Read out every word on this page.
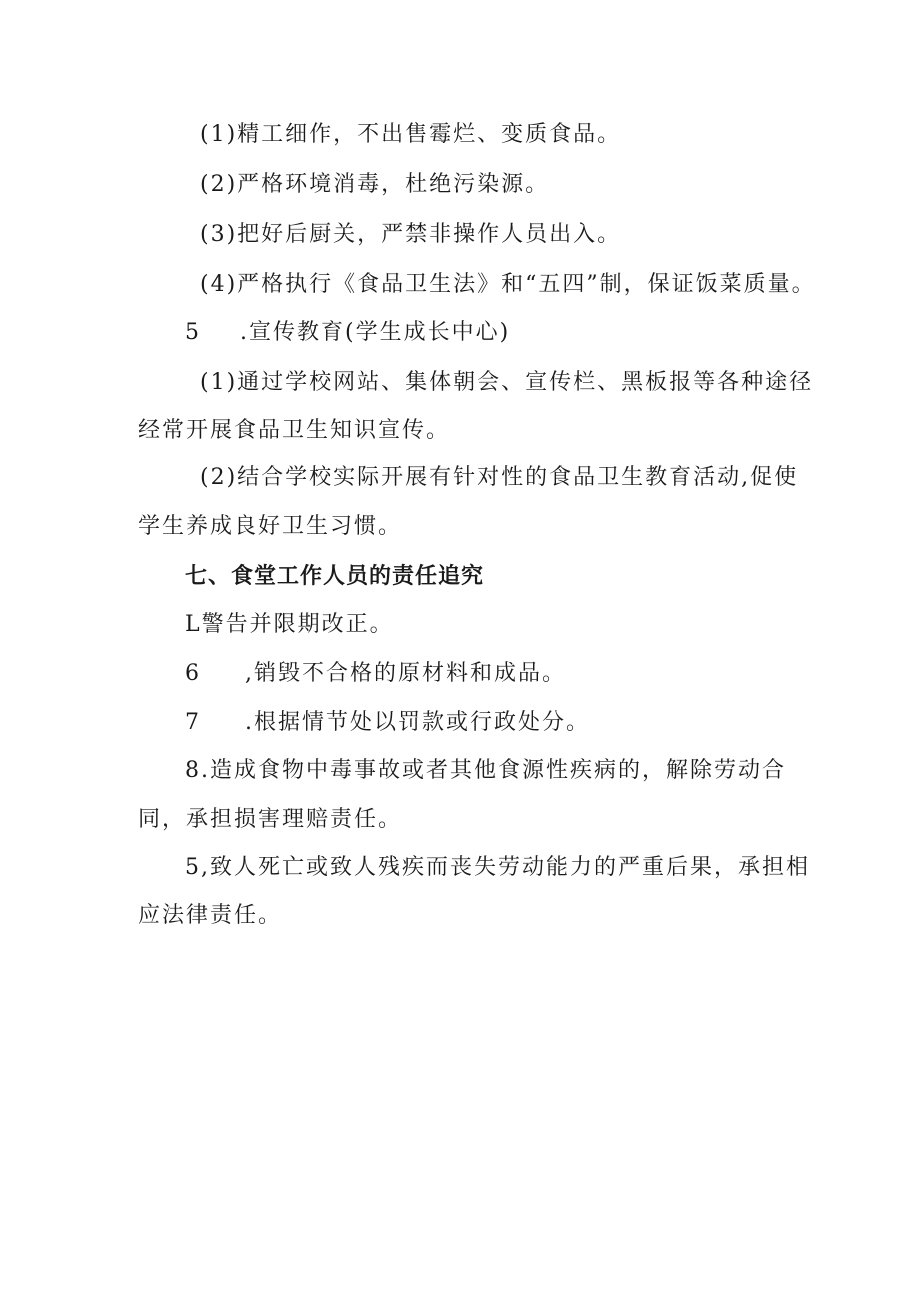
(1)精工细作，不出售霉烂、变质食品。
(2)严格环境消毒，杜绝污染源。
(3)把好后厨关，严禁非操作人员出入。
(4)严格执行《食品卫生法》和“五四”制，保证饭菜质量。
5 .宣传教育(学生成长中心)
(1)通过学校网站、集体朝会、宣传栏、黑板报等各种途径
经常开展食品卫生知识宣传。
(2)结合学校实际开展有针对性的食品卫生教育活动,促使
学生养成良好卫生习惯。
七、食堂工作人员的责任追究
L警告并限期改正。
6 ,销毁不合格的原材料和成品。
7 .根据情节处以罚款或行政处分。
8.造成食物中毒事故或者其他食源性疾病的，解除劳动合
同，承担损害理赔责任。
5,致人死亡或致人残疾而丧失劳动能力的严重后果，承担相
应法律责任。
